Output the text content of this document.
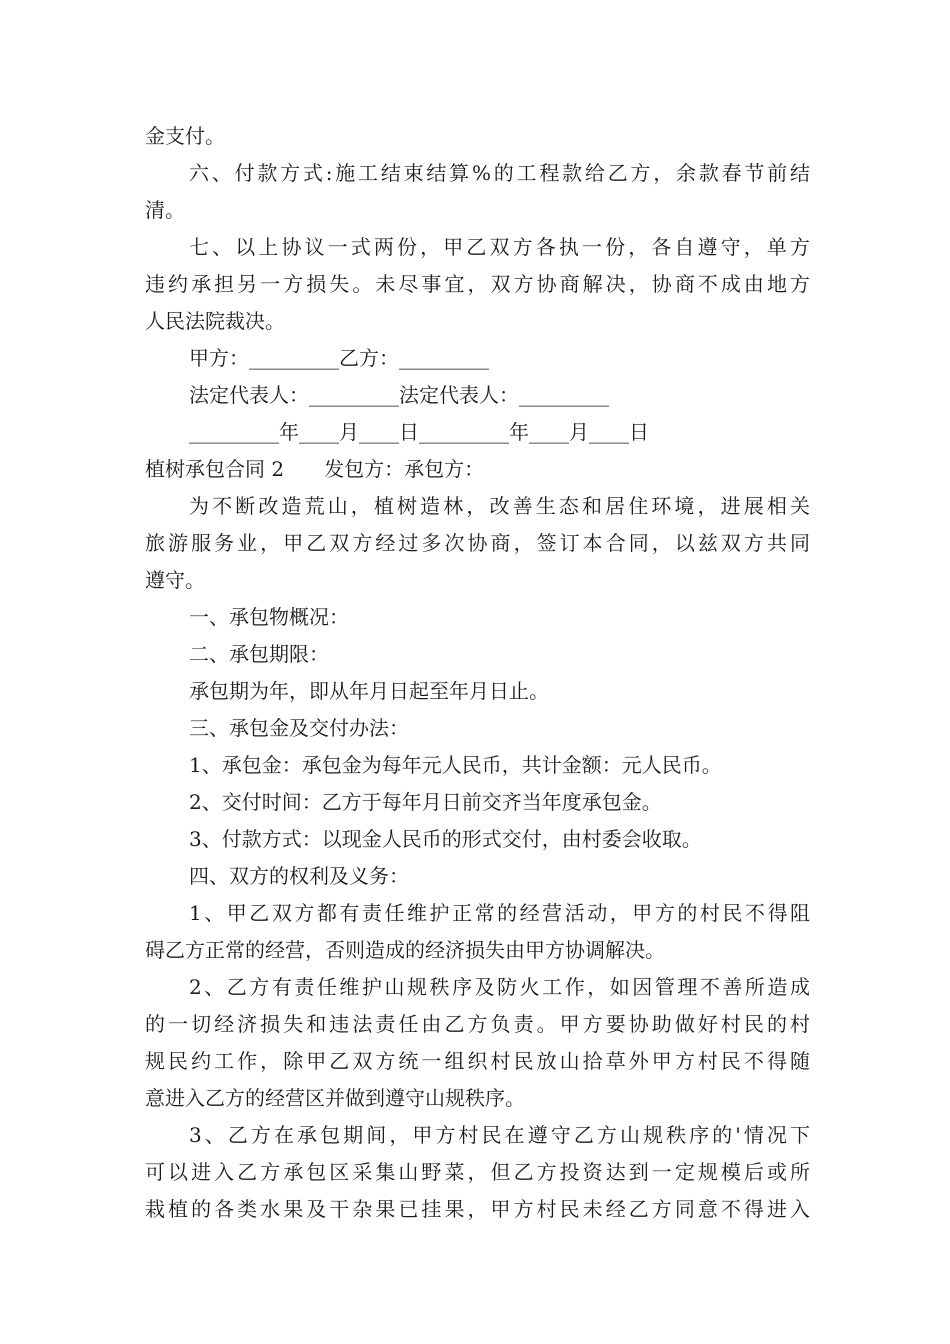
金支付。
六、付款方式:施工结束结算%的工程款给乙方，余款春节前结
清。
七、以上协议一式两份，甲乙双方各执一份，各自遵守，单方
违约承担另一方损失。未尽事宜，双方协商解决，协商不成由地方
人民法院裁决。
甲方：_________乙方：_________
法定代表人：_________法定代表人：_________
_________年____月____日_________年____月____日
植树承包合同 2　　发包方：承包方：
为不断改造荒山，植树造林，改善生态和居住环境，进展相关
旅游服务业，甲乙双方经过多次协商，签订本合同，以兹双方共同
遵守。
一、承包物概况：
二、承包期限：
承包期为年，即从年月日起至年月日止。
三、承包金及交付办法：
1、承包金：承包金为每年元人民币，共计金额：元人民币。
2、交付时间：乙方于每年月日前交齐当年度承包金。
3、付款方式：以现金人民币的形式交付，由村委会收取。
四、双方的权利及义务：
1、甲乙双方都有责任维护正常的经营活动，甲方的村民不得阻
碍乙方正常的经营，否则造成的经济损失由甲方协调解决。
2、乙方有责任维护山规秩序及防火工作，如因管理不善所造成
的一切经济损失和违法责任由乙方负责。甲方要协助做好村民的村
规民约工作，除甲乙双方统一组织村民放山拾草外甲方村民不得随
意进入乙方的经营区并做到遵守山规秩序。
3、乙方在承包期间，甲方村民在遵守乙方山规秩序的'情况下
可以进入乙方承包区采集山野菜，但乙方投资达到一定规模后或所
栽植的各类水果及干杂果已挂果，甲方村民未经乙方同意不得进入
